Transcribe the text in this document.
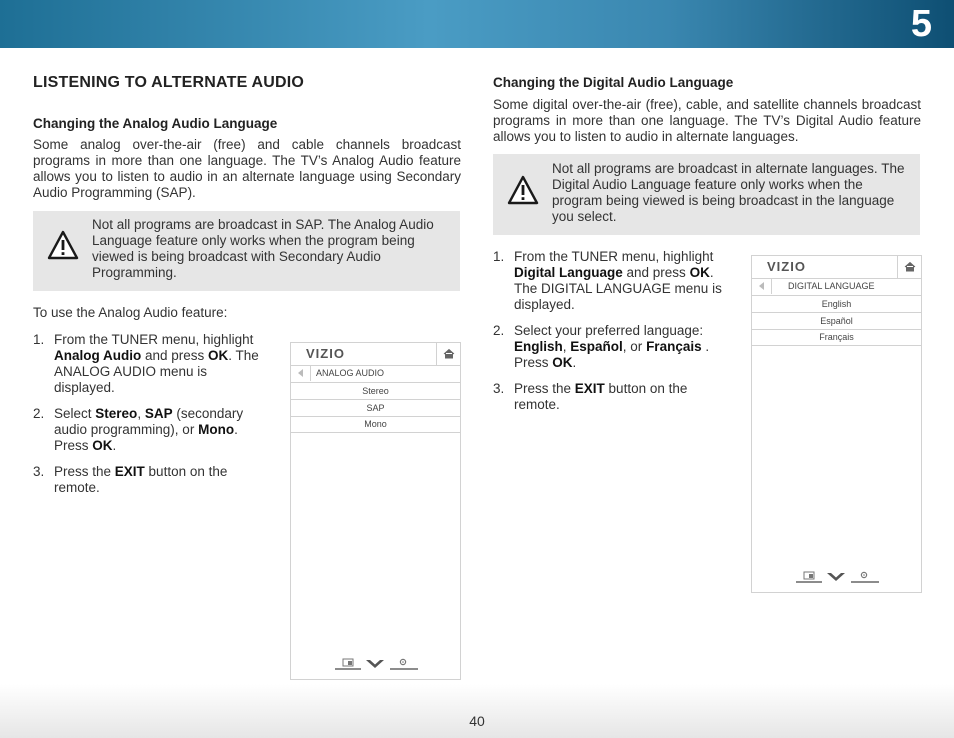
5
LISTENING TO ALTERNATE AUDIO
Changing the Analog Audio Language

Some analog over-the-air (free) and cable channels broadcast programs in more than one language. The TV’s Analog Audio feature allows you to listen to audio in an alternate language using Secondary Audio Programming (SAP).

Not all programs are broadcast in SAP. The Analog Audio Language feature only works when the program being viewed is being broadcast with Secondary Audio Programming.

To use the Analog Audio feature:

1. From the TUNER menu, highlight Analog Audio and press OK. The ANALOG AUDIO menu is displayed.
2. Select Stereo, SAP (secondary audio programming), or Mono. Press OK.
3. Press the EXIT button on the remote.
VIZIO
ANALOG AUDIO
Stereo
SAP
Mono
Changing the Digital Audio Language

Some digital over-the-air (free), cable, and satellite channels broadcast programs in more than one language. The TV’s Digital Audio feature allows you to listen to audio in alternate languages.

Not all programs are broadcast in alternate languages. The Digital Audio Language feature only works when the program being viewed is being broadcast in the language you select.

1. From the TUNER menu, highlight Digital Language and press OK. The DIGITAL LANGUAGE menu is displayed.
2. Select your preferred language: English, Español, or Français . Press OK.
3. Press the EXIT button on the remote.
VIZIO
DIGITAL LANGUAGE
English
Español
Français
40
